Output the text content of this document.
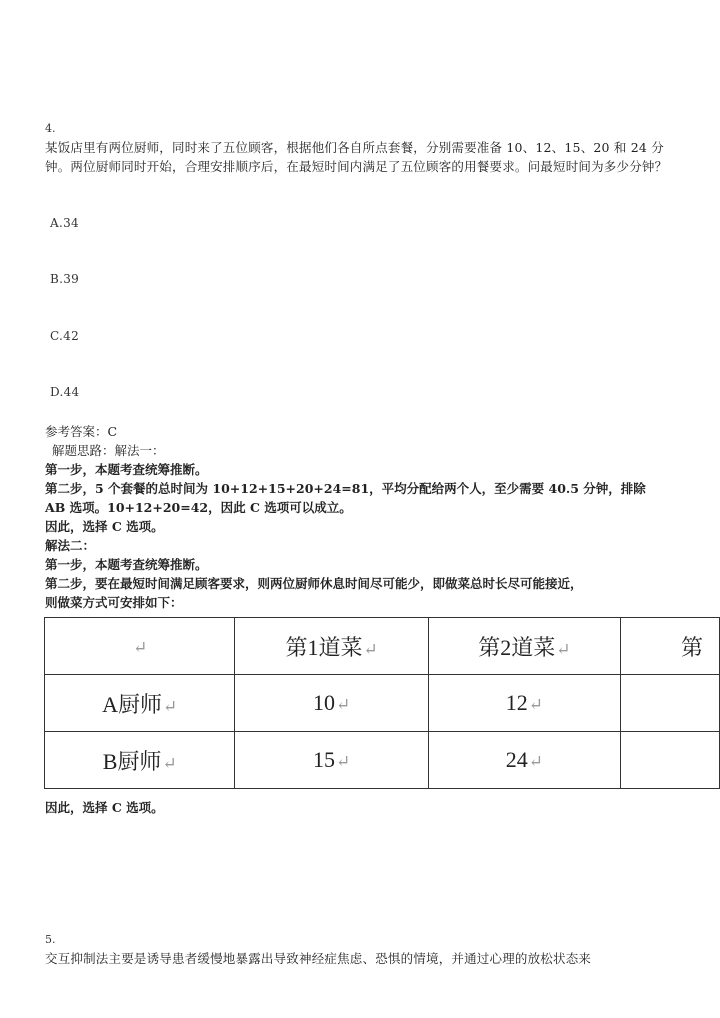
4.
某饭店里有两位厨师，同时来了五位顾客，根据他们各自所点套餐，分别需要准备 10、12、15、20 和 24 分钟。两位厨师同时开始，合理安排顺序后，在最短时间内满足了五位顾客的用餐要求。问最短时间为多少分钟？
A.34
B.39
C.42
D.44
参考答案：C
解题思路：解法一：
第一步，本题考查统筹推断。
第二步，5 个套餐的总时间为 10+12+15+20+24=81，平均分配给两个人，至少需要 40.5 分钟，排除
AB 选项。10+12+20=42，因此 C 选项可以成立。
因此，选择 C 选项。
解法二：
第一步，本题考查统筹推断。
第二步，要在最短时间满足顾客要求，则两位厨师休息时间尽可能少，即做菜总时长尽可能接近，
则做菜方式可安排如下：
↵	第1道菜↵	第2道菜↵	第
A厨师↵	10↵	12↵	
B厨师↵	15↵	24↵	
因此，选择 C 选项。
5.
交互抑制法主要是诱导患者缓慢地暴露出导致神经症焦虑、恐惧的情境，并通过心理的放松状态来
